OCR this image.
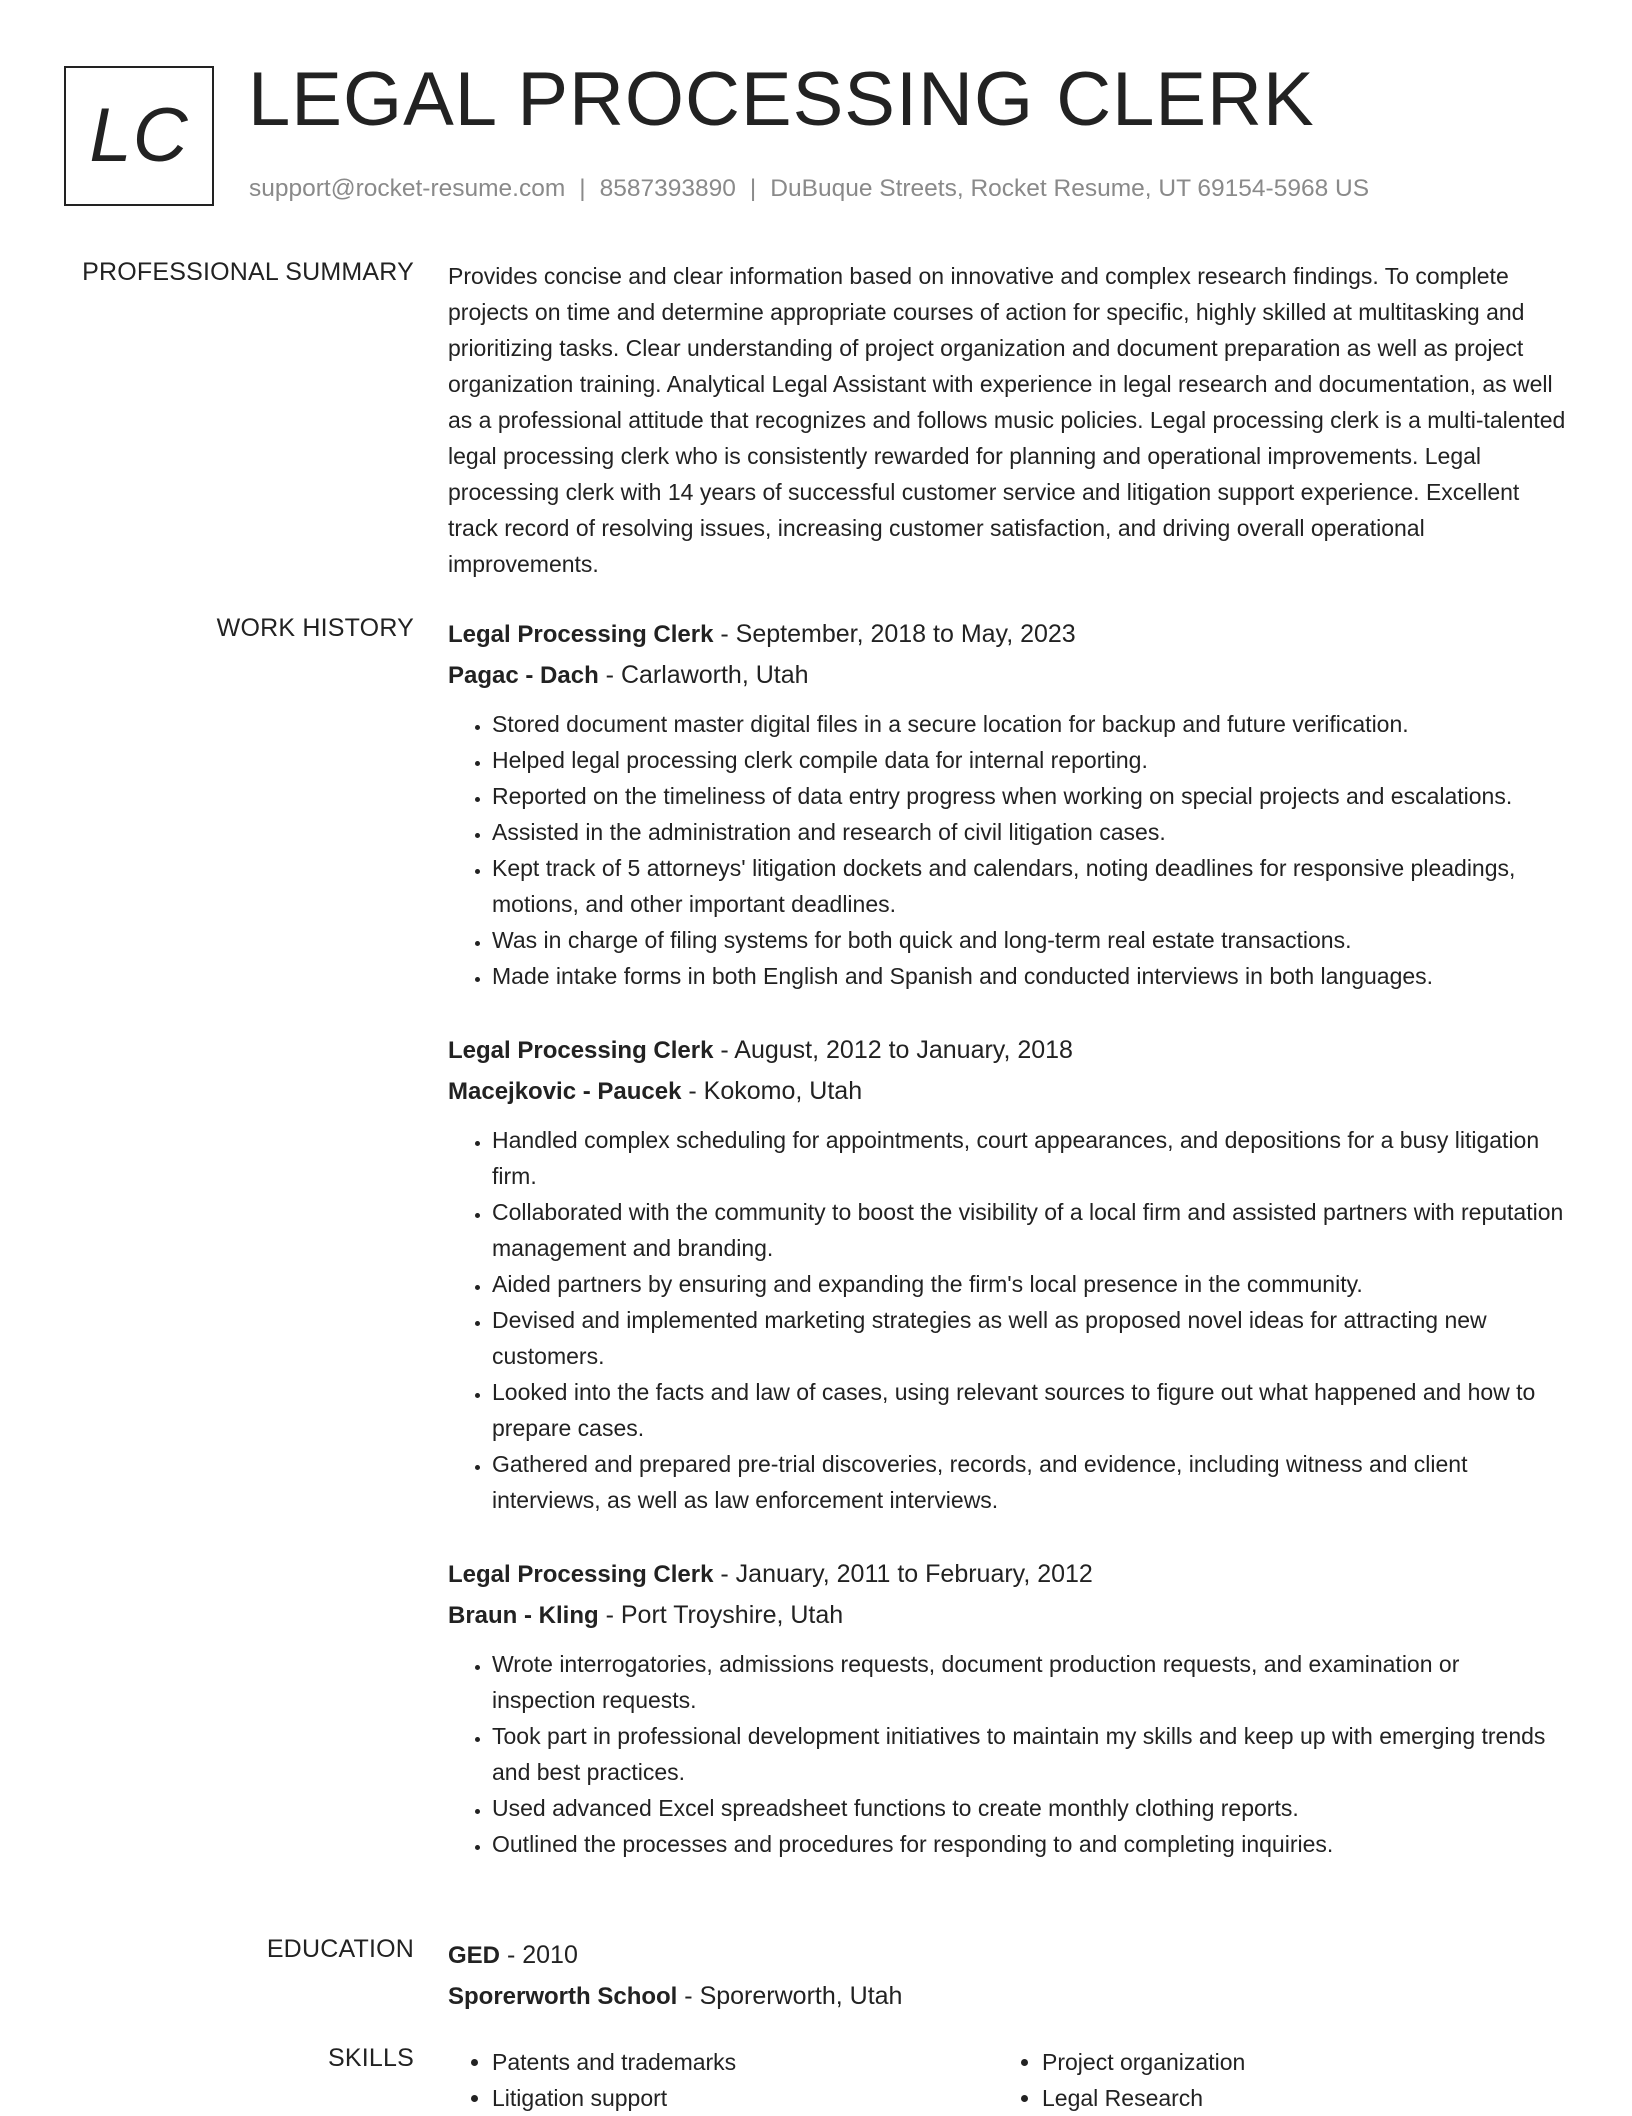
LC LEGAL PROCESSING CLERK
support@rocket-resume.com | 8587393890 | DuBuque Streets, Rocket Resume, UT 69154-5968 US
PROFESSIONAL SUMMARY Provides concise and clear information based on innovative and complex research findings. To complete projects on time and determine appropriate courses of action for specific, highly skilled at multitasking and prioritizing tasks. Clear understanding of project organization and document preparation as well as project organization training. Analytical Legal Assistant with experience in legal research and documentation, as well as a professional attitude that recognizes and follows music policies. Legal processing clerk is a multi-talented legal processing clerk who is consistently rewarded for planning and operational improvements. Legal processing clerk with 14 years of successful customer service and litigation support experience. Excellent track record of resolving issues, increasing customer satisfaction, and driving overall operational improvements.

WORK HISTORY Legal Processing Clerk - September, 2018 to May, 2023
Pagac - Dach - Carlaworth, Utah
• Stored document master digital files in a secure location for backup and future verification.
• Helped legal processing clerk compile data for internal reporting.
• Reported on the timeliness of data entry progress when working on special projects and escalations.
• Assisted in the administration and research of civil litigation cases.
• Kept track of 5 attorneys' litigation dockets and calendars, noting deadlines for responsive pleadings, motions, and other important deadlines.
• Was in charge of filing systems for both quick and long-term real estate transactions.
• Made intake forms in both English and Spanish and conducted interviews in both languages.
Legal Processing Clerk - August, 2012 to January, 2018
Macejkovic - Paucek - Kokomo, Utah
• Handled complex scheduling for appointments, court appearances, and depositions for a busy litigation firm.
• Collaborated with the community to boost the visibility of a local firm and assisted partners with reputation management and branding.
• Aided partners by ensuring and expanding the firm's local presence in the community.
• Devised and implemented marketing strategies as well as proposed novel ideas for attracting new customers.
• Looked into the facts and law of cases, using relevant sources to figure out what happened and how to prepare cases.
• Gathered and prepared pre-trial discoveries, records, and evidence, including witness and client interviews, as well as law enforcement interviews.
Legal Processing Clerk - January, 2011 to February, 2012
Braun - Kling - Port Troyshire, Utah
• Wrote interrogatories, admissions requests, document production requests, and examination or inspection requests.
• Took part in professional development initiatives to maintain my skills and keep up with emerging trends and best practices.
• Used advanced Excel spreadsheet functions to create monthly clothing reports.
• Outlined the processes and procedures for responding to and completing inquiries.
EDUCATION GED - 2010
Sporerworth School - Sporerworth, Utah
SKILLS
•	Patents and trademarks
• Litigation support
• Project organization
• Legal Research
